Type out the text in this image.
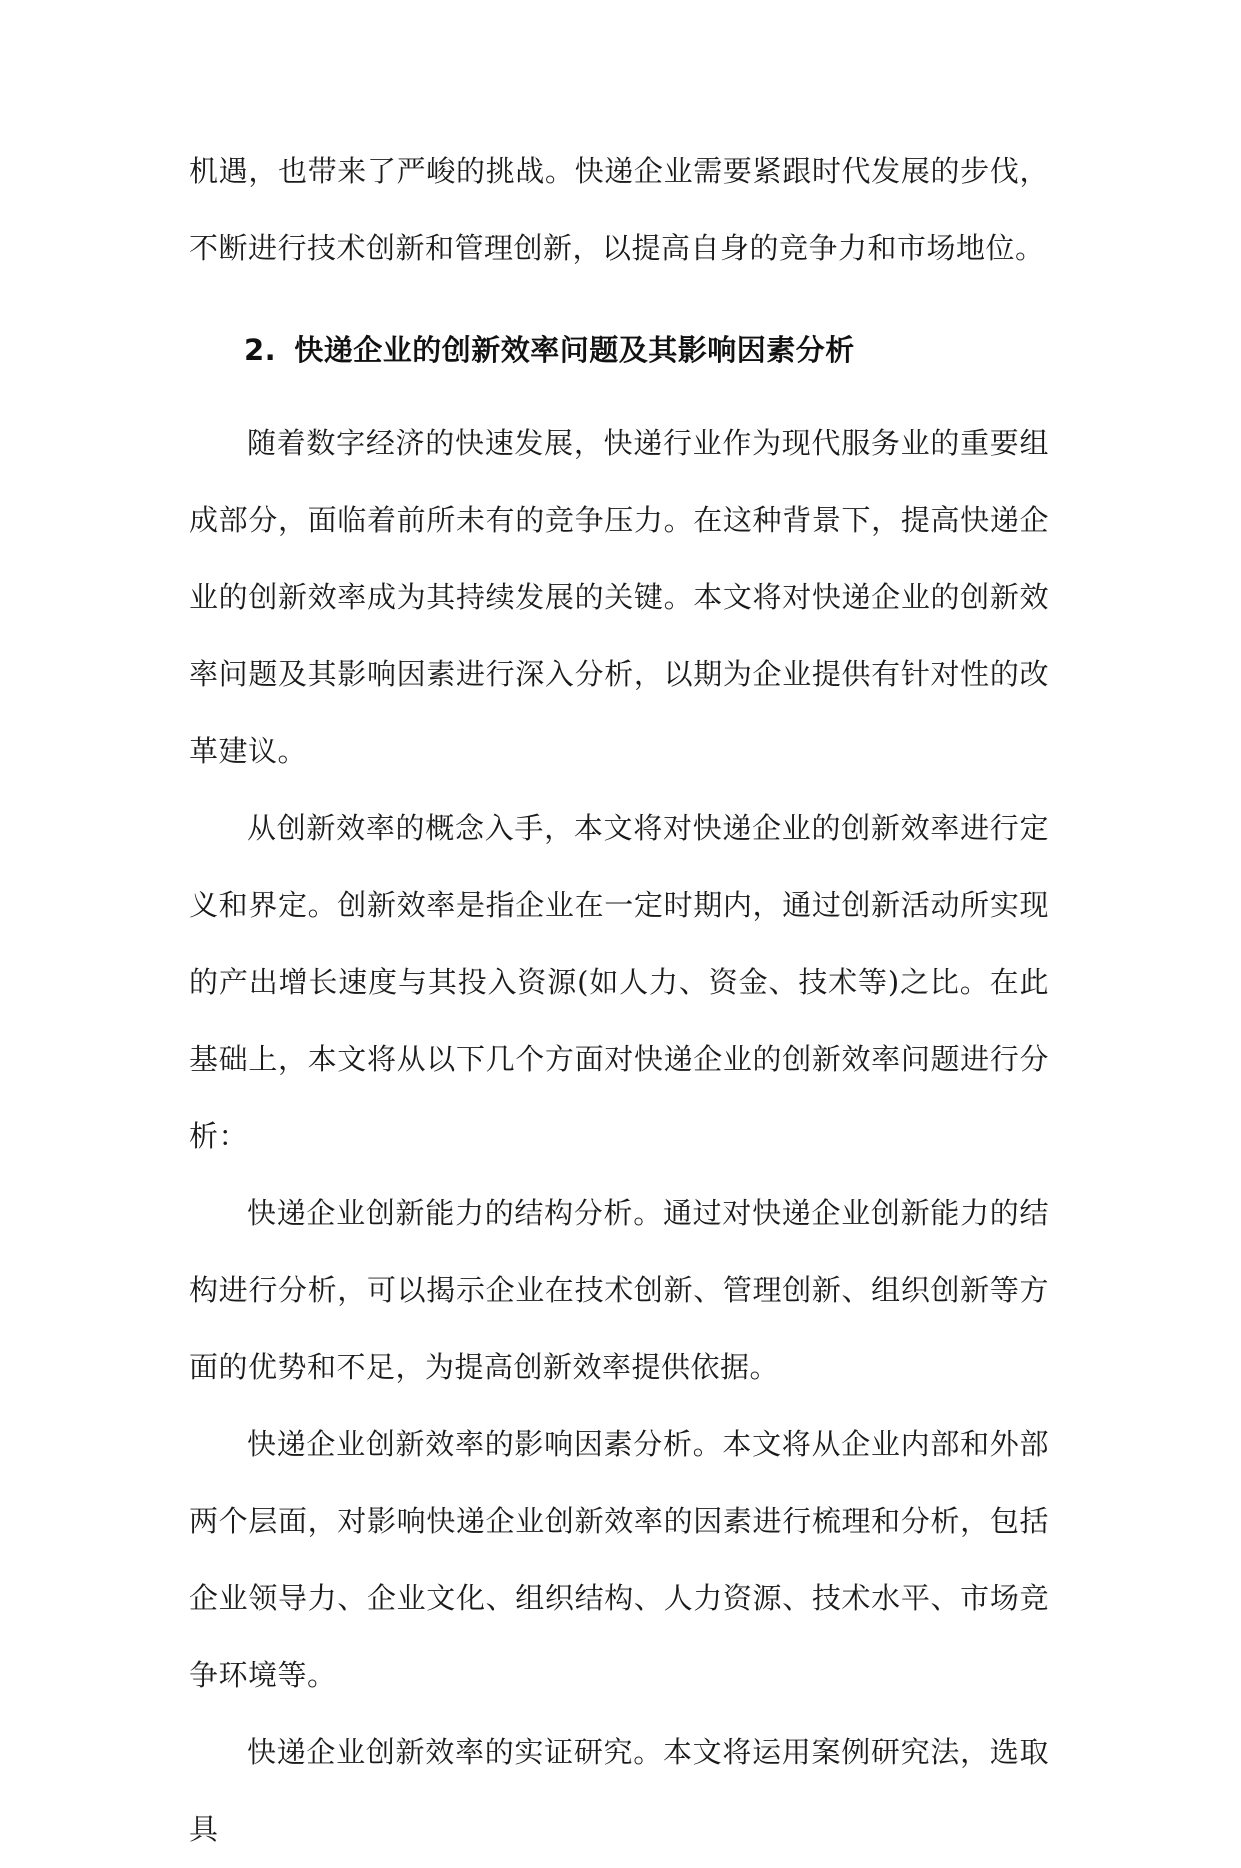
机遇，也带来了严峻的挑战。快递企业需要紧跟时代发展的步伐，不断进行技术创新和管理创新，以提高自身的竞争力和市场地位。
2. 快递企业的创新效率问题及其影响因素分析

随着数字经济的快速发展，快递行业作为现代服务业的重要组成部分，面临着前所未有的竞争压力。在这种背景下，提高快递企业的创新效率成为其持续发展的关键。本文将对快递企业的创新效率问题及其影响因素进行深入分析，以期为企业提供有针对性的改革建议。

从创新效率的概念入手，本文将对快递企业的创新效率进行定义和界定。创新效率是指企业在一定时期内，通过创新活动所实现的产出增长速度与其投入资源(如人力、资金、技术等)之比。在此基础上，本文将从以下几个方面对快递企业的创新效率问题进行分析：

快递企业创新能力的结构分析。通过对快递企业创新能力的结构进行分析，可以揭示企业在技术创新、管理创新、组织创新等方面的优势和不足，为提高创新效率提供依据。

快递企业创新效率的影响因素分析。本文将从企业内部和外部两个层面，对影响快递企业创新效率的因素进行梳理和分析，包括企业领导力、企业文化、组织结构、人力资源、技术水平、市场竞争环境等。

快递企业创新效率的实证研究。本文将运用案例研究法，选取具
